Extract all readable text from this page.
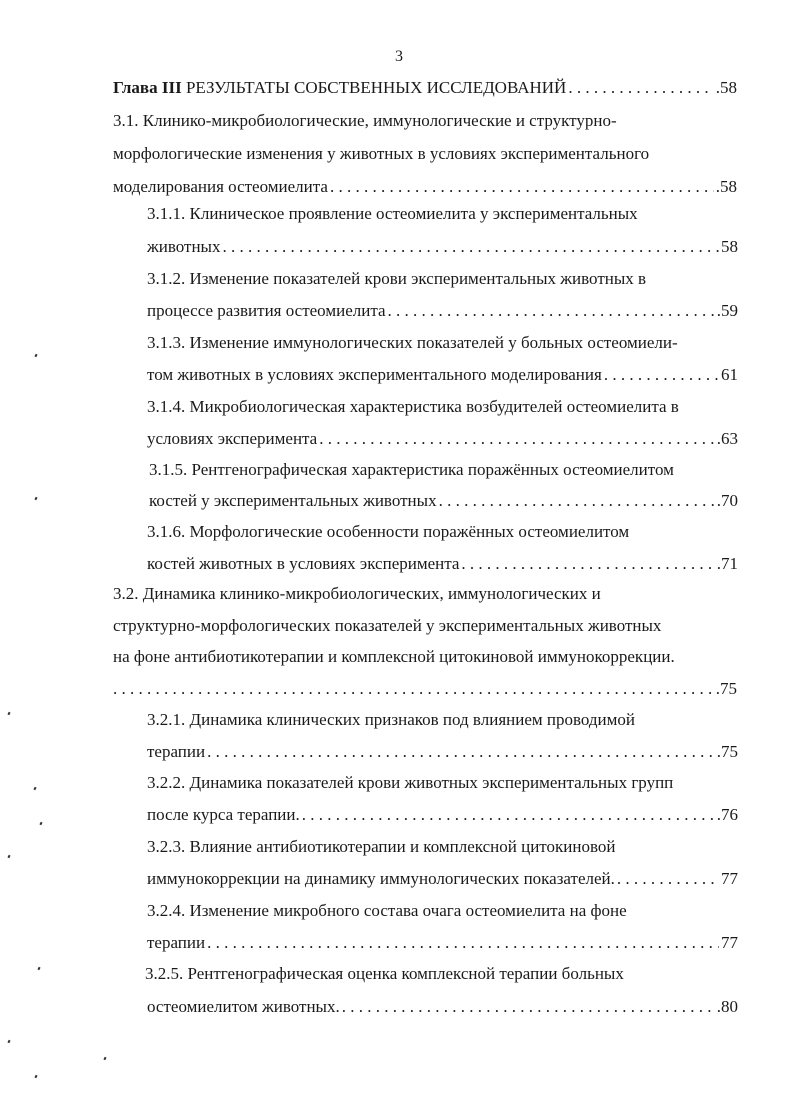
3
Глава III РЕЗУЛЬТАТЫ СОБСТВЕННЫХ ИССЛЕДОВАНИЙ . . .	.58
3.1. Клинико-микробиологические, иммунологические и структурно-
морфологические изменения у животных в условиях экспериментального
моделирования остеомиелита . . .	.58
3.1.1. Клиническое проявление остеомиелита у экспериментальных
животных . . .	58
3.1.2. Изменение показателей крови экспериментальных животных в
процессе развития остеомиелита . . .	.59
3.1.3. Изменение иммунологических показателей у больных остеомиели-
том животных в условиях экспериментального моделирования . . .	61
3.1.4. Микробиологическая характеристика возбудителей остеомиелита в
условиях эксперимента . . .	.63
3.1.5. Рентгенографическая характеристика поражённых остеомиелитом
костей у экспериментальных животных . . .	.70
3.1.6. Морфологические особенности поражённых остеомиелитом
костей животных в условиях эксперимента . . .	.71
3.2. Динамика клинико-микробиологических, иммунологических и
структурно-морфологических показателей у экспериментальных животных
на фоне антибиотикотерапии и комплексной цитокиновой иммунокоррекции.
. . .
.75
3.2.1. Динамика клинических признаков под влиянием проводимой
терапии . . .	.75
3.2.2. Динамика показателей крови животных экспериментальных групп
после курса терапии. . . .	.76
3.2.3. Влияние антибиотикотерапии и комплексной цитокиновой
иммунокоррекции на динамику иммунологических показателей. . . .	77
3.2.4. Изменение микробного состава очага остеомиелита на фоне
терапии . . .	77
3.2.5. Рентгенографическая оценка комплексной терапии больных
остеомиелитом животных. . . .	.80
